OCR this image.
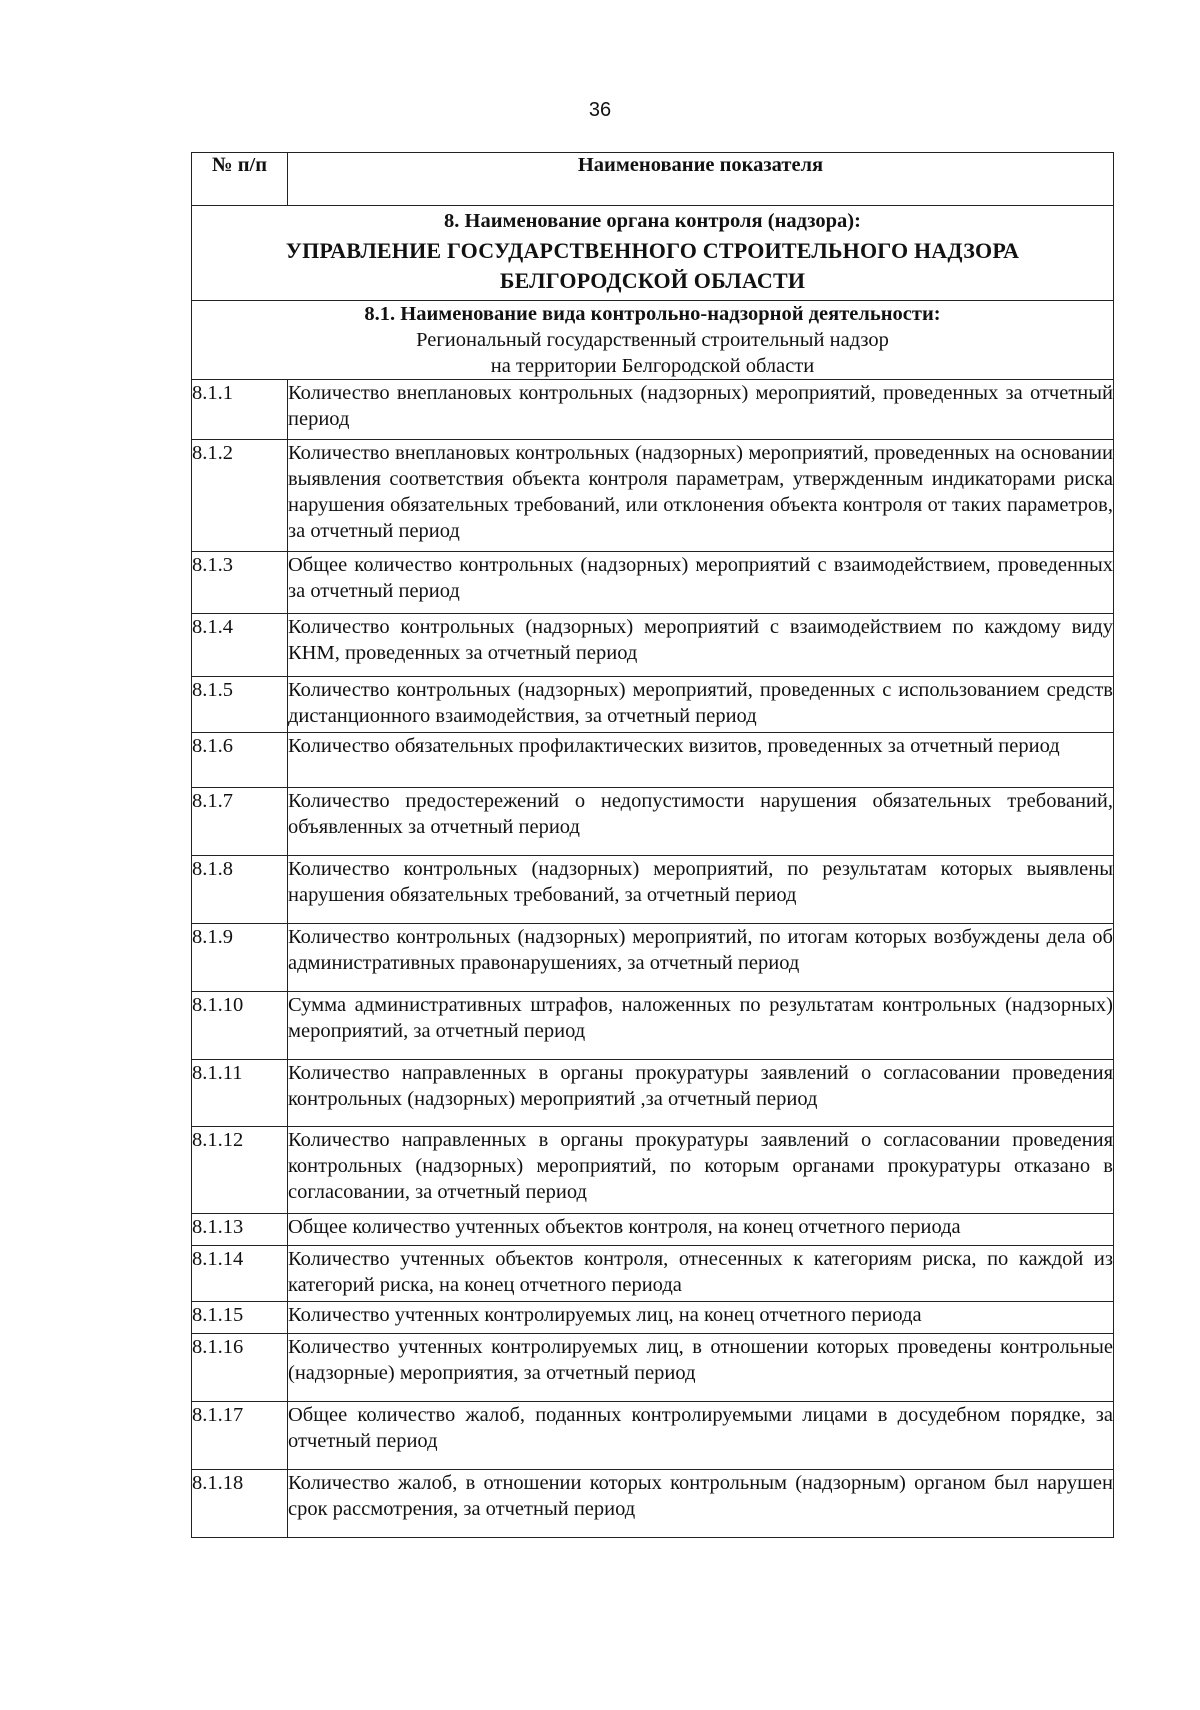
36
№ п/п	Наименование показателя

8. Наименование органа контроля (надзора):
УПРАВЛЕНИЕ ГОСУДАРСТВЕННОГО СТРОИТЕЛЬНОГО НАДЗОРА
БЕЛГОРОДСКОЙ ОБЛАСТИ	

8.1. Наименование вида контрольно-надзорной деятельности:
Региональный государственный строительный надзор
на территории Белгородской области	

8.1.1	Количество внеплановых контрольных (надзорных) мероприятий, проведенных за отчетный период
8.1.2	Количество внеплановых контрольных (надзорных) мероприятий, проведенных на основании выявления соответствия объекта контроля параметрам, утвержденным индикаторами риска нарушения обязательных требований, или отклонения объекта контроля от таких параметров, за отчетный период
8.1.3	Общее количество контрольных (надзорных) мероприятий с взаимодействием, проведенных за отчетный период
8.1.4	Количество контрольных (надзорных) мероприятий с взаимодействием по каждому виду КНМ, проведенных за отчетный период
8.1.5	Количество контрольных (надзорных) мероприятий, проведенных с использованием средств дистанционного взаимодействия, за отчетный период
8.1.6	Количество обязательных профилактических визитов, проведенных за отчетный период
8.1.7	Количество предостережений о недопустимости нарушения обязательных требований, объявленных за отчетный период
8.1.8	Количество контрольных (надзорных) мероприятий, по результатам которых выявлены нарушения обязательных требований, за отчетный период
8.1.9	Количество контрольных (надзорных) мероприятий, по итогам которых возбуждены дела об административных правонарушениях, за отчетный период
8.1.10	Сумма административных штрафов, наложенных по результатам контрольных (надзорных) мероприятий, за отчетный период
8.1.11	Количество направленных в органы прокуратуры заявлений о согласовании проведения контрольных (надзорных) мероприятий ,за отчетный период
8.1.12	Количество направленных в органы прокуратуры заявлений о согласовании проведения контрольных (надзорных) мероприятий, по которым органами прокуратуры отказано в согласовании, за отчетный период
8.1.13	Общее количество учтенных объектов контроля, на конец отчетного периода
8.1.14	Количество учтенных объектов контроля, отнесенных к категориям риска, по каждой из категорий риска, на конец отчетного периода
8.1.15	Количество учтенных контролируемых лиц, на конец отчетного периода
8.1.16	Количество учтенных контролируемых лиц, в отношении которых проведены контрольные (надзорные) мероприятия, за отчетный период
8.1.17	Общее количество жалоб, поданных контролируемыми лицами в досудебном порядке, за отчетный период
8.1.18	Количество жалоб, в отношении которых контрольным (надзорным) органом был нарушен срок рассмотрения, за отчетный период
